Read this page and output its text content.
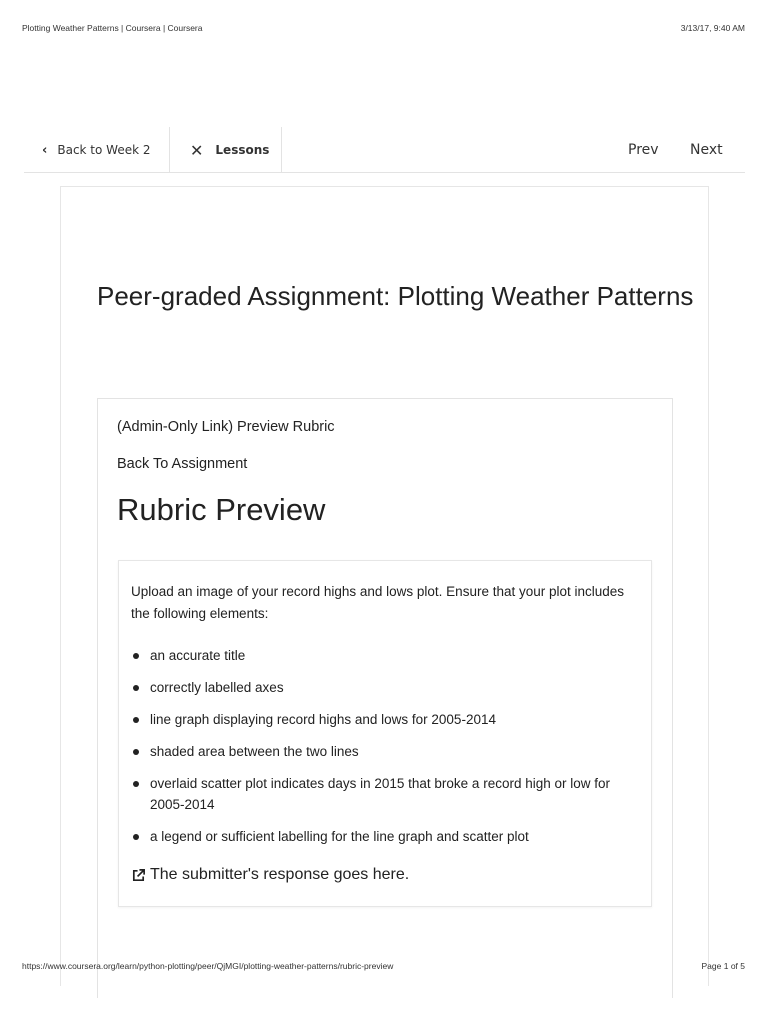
Plotting Weather Patterns | Coursera | Coursera	3/13/17, 9:40 AM
‹ Back to Week 2 ✕ Lessons	Prev Next
Peer-graded Assignment: Plotting Weather Patterns
(Admin-Only Link) Preview Rubric
Back To Assignment
Rubric Preview

Upload an image of your record highs and lows plot. Ensure that your plot includes the following elements:

an accurate title
correctly labelled axes
line graph displaying record highs and lows for 2005-2014
shaded area between the two lines
overlaid scatter plot indicates days in 2015 that broke a record high or low for 2005-2014
a legend or sufficient labelling for the line graph and scatter plot
The submitter's response goes here.
https://www.coursera.org/learn/python-plotting/peer/QjMGI/plotting-weather-patterns/rubric-preview	Page 1 of 5
